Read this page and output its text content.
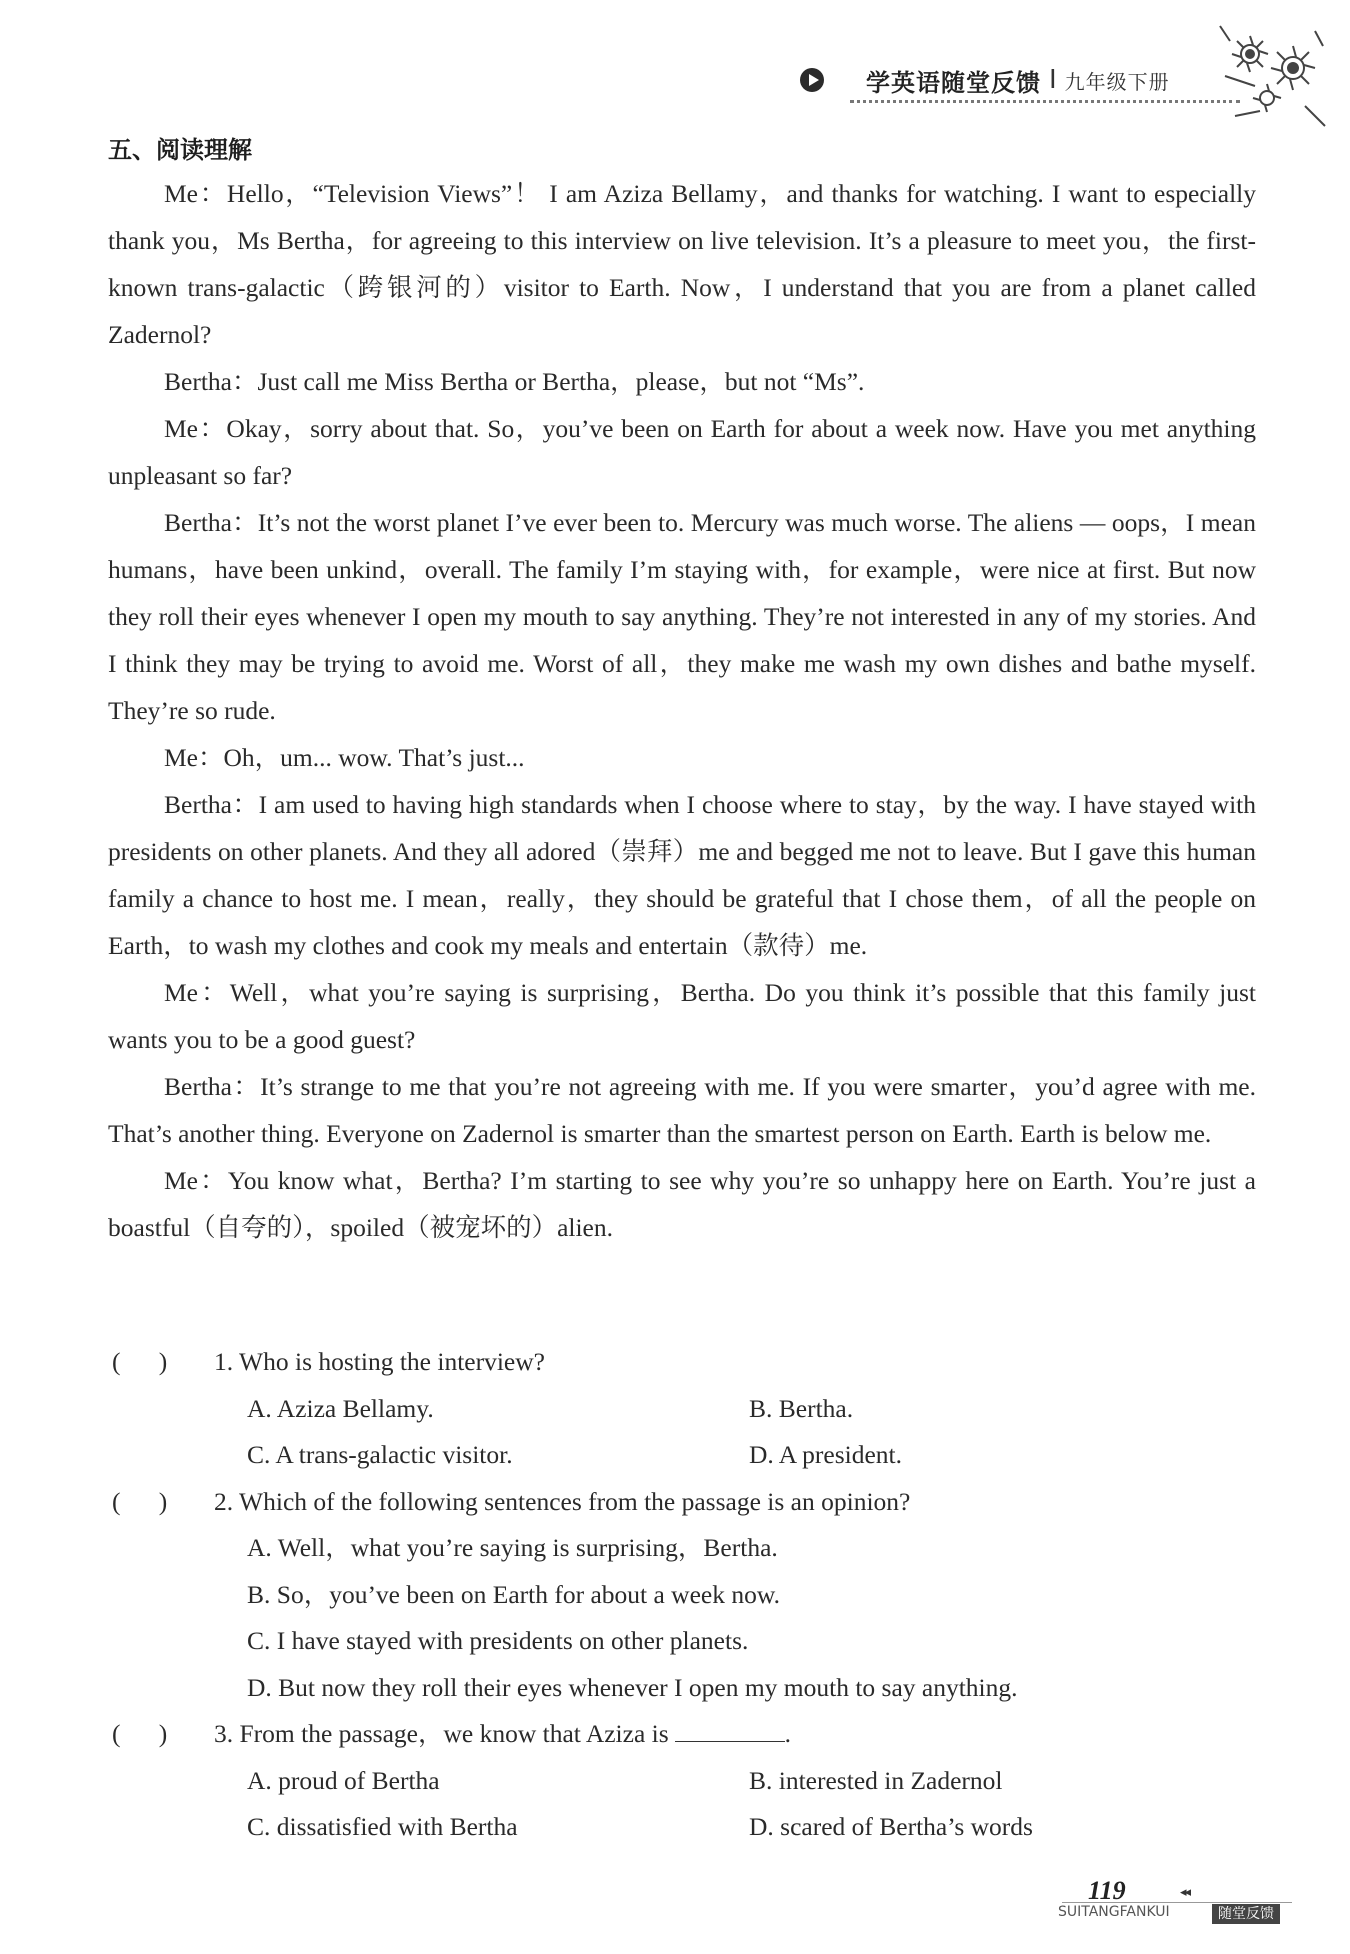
学英语随堂反馈 I 九年级下册
五、阅读理解

Me：Hello，“Television Views”！ I am Aziza Bellamy，and thanks for watching. I want to especially thank you，Ms Bertha，for agreeing to this interview on live television. It’s a pleasure to meet you，the first-known trans-galactic（跨银河的）visitor to Earth. Now，I understand that you are from a planet called Zadernol?

Bertha：Just call me Miss Bertha or Bertha，please，but not “Ms”.

Me：Okay，sorry about that. So，you’ve been on Earth for about a week now. Have you met anything unpleasant so far?

Bertha：It’s not the worst planet I’ve ever been to. Mercury was much worse. The aliens — oops，I mean humans，have been unkind，overall. The family I’m staying with，for example，were nice at first. But now they roll their eyes whenever I open my mouth to say anything. They’re not interested in any of my stories. And I think they may be trying to avoid me. Worst of all，they make me wash my own dishes and bathe myself. They’re so rude.

Me：Oh，um... wow. That’s just...

Bertha：I am used to having high standards when I choose where to stay，by the way. I have stayed with presidents on other planets. And they all adored（崇拜）me and begged me not to leave. But I gave this human family a chance to host me. I mean，really，they should be grateful that I chose them，of all the people on Earth，to wash my clothes and cook my meals and entertain（款待）me.

Me：Well，what you’re saying is surprising，Bertha. Do you think it’s possible that this family just wants you to be a good guest?

Bertha：It’s strange to me that you’re not agreeing with me. If you were smarter，you’d agree with me. That’s another thing. Everyone on Zadernol is smarter than the smartest person on Earth. Earth is below me.

Me：You know what，Bertha? I’m starting to see why you’re so unhappy here on Earth. You’re just a boastful（自夸的），spoiled（被宠坏的）alien.

(      )	1. Who is hosting the interview?
A. Aziza Bellamy.	B. Bertha.
C. A trans-galactic visitor.	D. A president.
(      )	2. Which of the following sentences from the passage is an opinion?
A. Well，what you’re saying is surprising，Bertha.
B. So，you’ve been on Earth for about a week now.
C. I have stayed with presidents on other planets.
D. But now they roll their eyes whenever I open my mouth to say anything.
(      )	3. From the passage，we know that Aziza is	.
A. proud of Bertha	B. interested in Zadernol
C. dissatisfied with Bertha	D. scared of Bertha’s words
119	◂◂
SUITANGFANKUI	随堂反馈
